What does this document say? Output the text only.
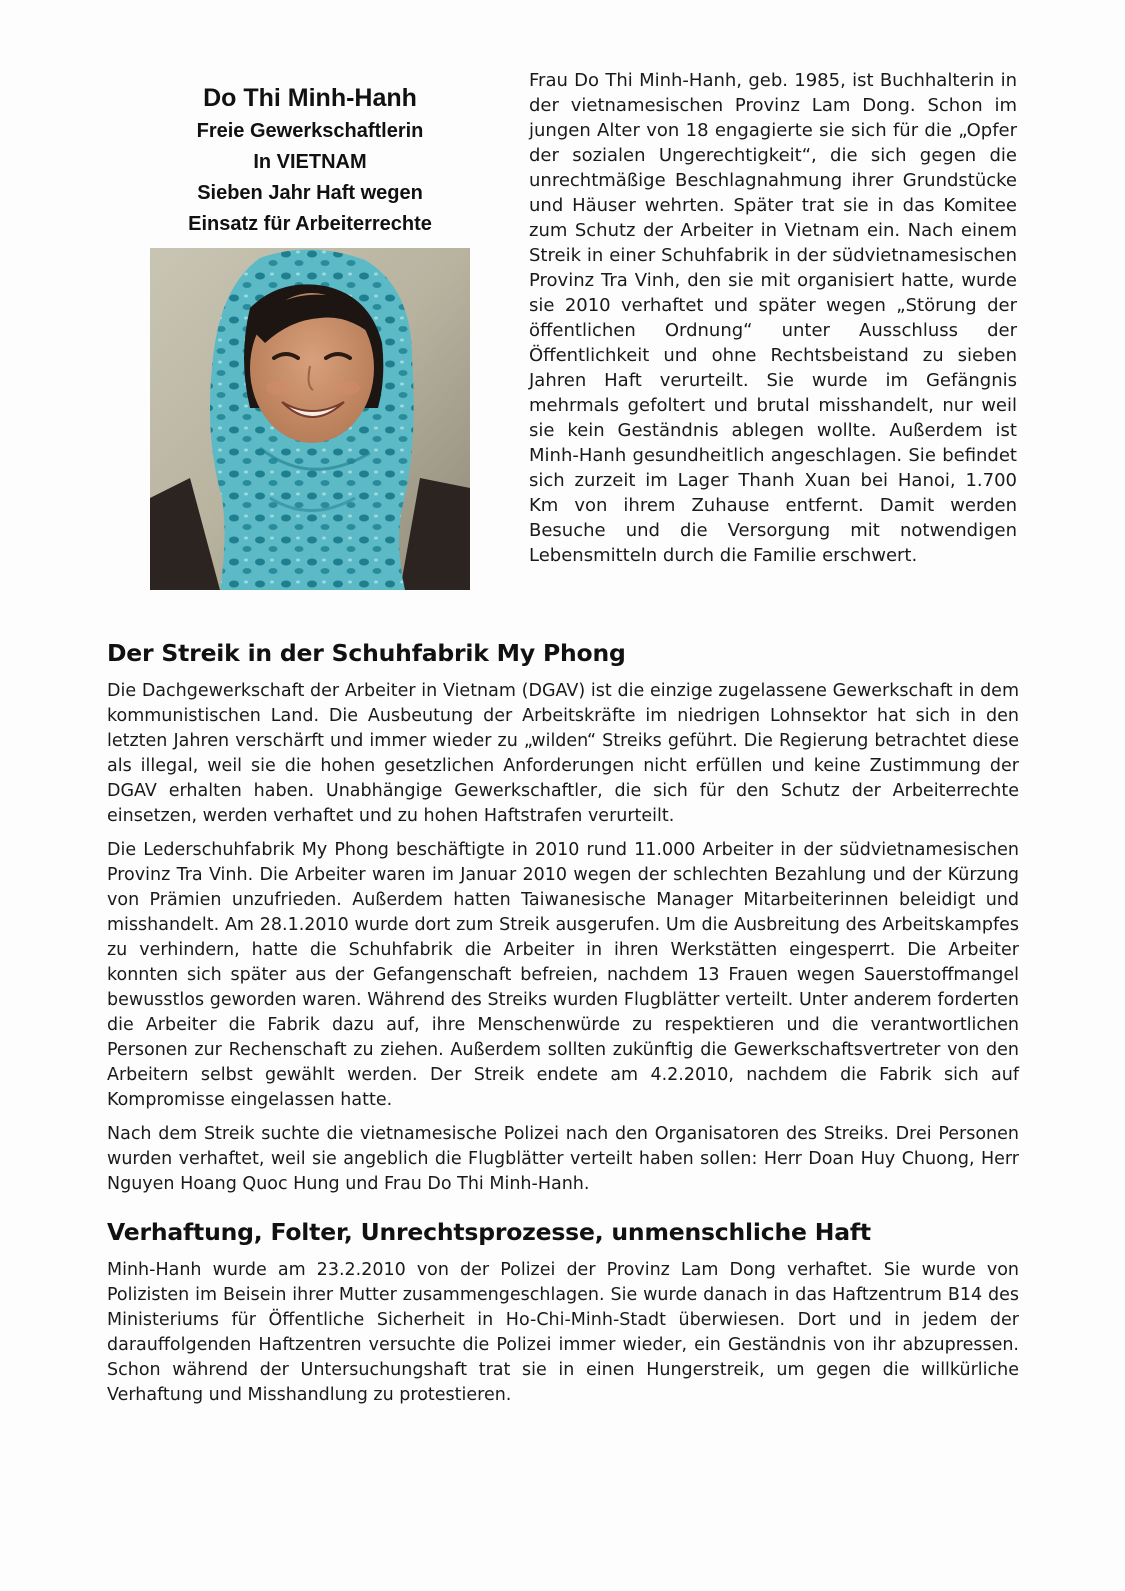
Do Thi Minh-Hanh

Freie Gewerkschaftlerin

In VIETNAM

Sieben Jahr Haft wegen

Einsatz für Arbeiterrechte

Frau Do Thi Minh-Hanh, geb. 1985, ist Buchhalterin in der vietnamesischen Provinz Lam Dong. Schon im jungen Alter von 18 engagierte sie sich für die „Opfer der sozialen Ungerechtigkeit“, die sich gegen die unrechtmäßige Beschlagnahmung ihrer Grundstücke und Häuser wehrten. Später trat sie in das Komitee zum Schutz der Arbeiter in Vietnam ein. Nach einem Streik in einer Schuhfabrik in der südvietnamesischen Provinz Tra Vinh, den sie mit organisiert hatte, wurde sie 2010 verhaftet und später wegen „Störung der öffentlichen Ordnung“ unter Ausschluss der Öffentlichkeit und ohne Rechtsbeistand zu sieben Jahren Haft verurteilt. Sie wurde im Gefängnis mehrmals gefoltert und brutal misshandelt, nur weil sie kein Geständnis ablegen wollte. Außerdem ist Minh-Hanh gesundheitlich angeschlagen. Sie befindet sich zurzeit im Lager Thanh Xuan bei Hanoi, 1.700 Km von ihrem Zuhause entfernt. Damit werden Besuche und die Versorgung mit notwendigen Lebensmitteln durch die Familie erschwert.

Der Streik in der Schuhfabrik My Phong

Die Dachgewerkschaft der Arbeiter in Vietnam (DGAV) ist die einzige zugelassene Gewerkschaft in dem kommunistischen Land. Die Ausbeutung der Arbeitskräfte im niedrigen Lohnsektor hat sich in den letzten Jahren verschärft und immer wieder zu „wilden“ Streiks geführt. Die Regierung betrachtet diese als illegal, weil sie die hohen gesetzlichen Anforderungen nicht erfüllen und keine Zustimmung der DGAV erhalten haben. Unabhängige Gewerkschaftler, die sich für den Schutz der Arbeiterrechte einsetzen, werden verhaftet und zu hohen Haftstrafen verurteilt.

Die Lederschuhfabrik My Phong beschäftigte in 2010 rund 11.000 Arbeiter in der südvietnamesischen Provinz Tra Vinh. Die Arbeiter waren im Januar 2010 wegen der schlechten Bezahlung und der Kürzung von Prämien unzufrieden. Außerdem hatten Taiwanesische Manager Mitarbeiterinnen beleidigt und misshandelt. Am 28.1.2010 wurde dort zum Streik ausgerufen. Um die Ausbreitung des Arbeitskampfes zu verhindern, hatte die Schuhfabrik die Arbeiter in ihren Werkstätten eingesperrt. Die Arbeiter konnten sich später aus der Gefangenschaft befreien, nachdem 13 Frauen wegen Sauerstoffmangel bewusstlos geworden waren. Während des Streiks wurden Flugblätter verteilt. Unter anderem forderten die Arbeiter die Fabrik dazu auf, ihre Menschenwürde zu respektieren und die verantwortlichen Personen zur Rechenschaft zu ziehen. Außerdem sollten zukünftig die Gewerkschaftsvertreter von den Arbeitern selbst gewählt werden. Der Streik endete am 4.2.2010, nachdem die Fabrik sich auf Kompromisse eingelassen hatte.

Nach dem Streik suchte die vietnamesische Polizei nach den Organisatoren des Streiks. Drei Personen wurden verhaftet, weil sie angeblich die Flugblätter verteilt haben sollen: Herr Doan Huy Chuong, Herr Nguyen Hoang Quoc Hung und Frau Do Thi Minh-Hanh.

Verhaftung, Folter, Unrechtsprozesse, unmenschliche Haft

Minh-Hanh wurde am 23.2.2010 von der Polizei der Provinz Lam Dong verhaftet. Sie wurde von Polizisten im Beisein ihrer Mutter zusammengeschlagen. Sie wurde danach in das Haftzentrum B14 des Ministeriums für Öffentliche Sicherheit in Ho-Chi-Minh-Stadt überwiesen. Dort und in jedem der darauffolgenden Haftzentren versuchte die Polizei immer wieder, ein Geständnis von ihr abzupressen. Schon während der Untersuchungshaft trat sie in einen Hungerstreik, um gegen die willkürliche Verhaftung und Misshandlung zu protestieren.
